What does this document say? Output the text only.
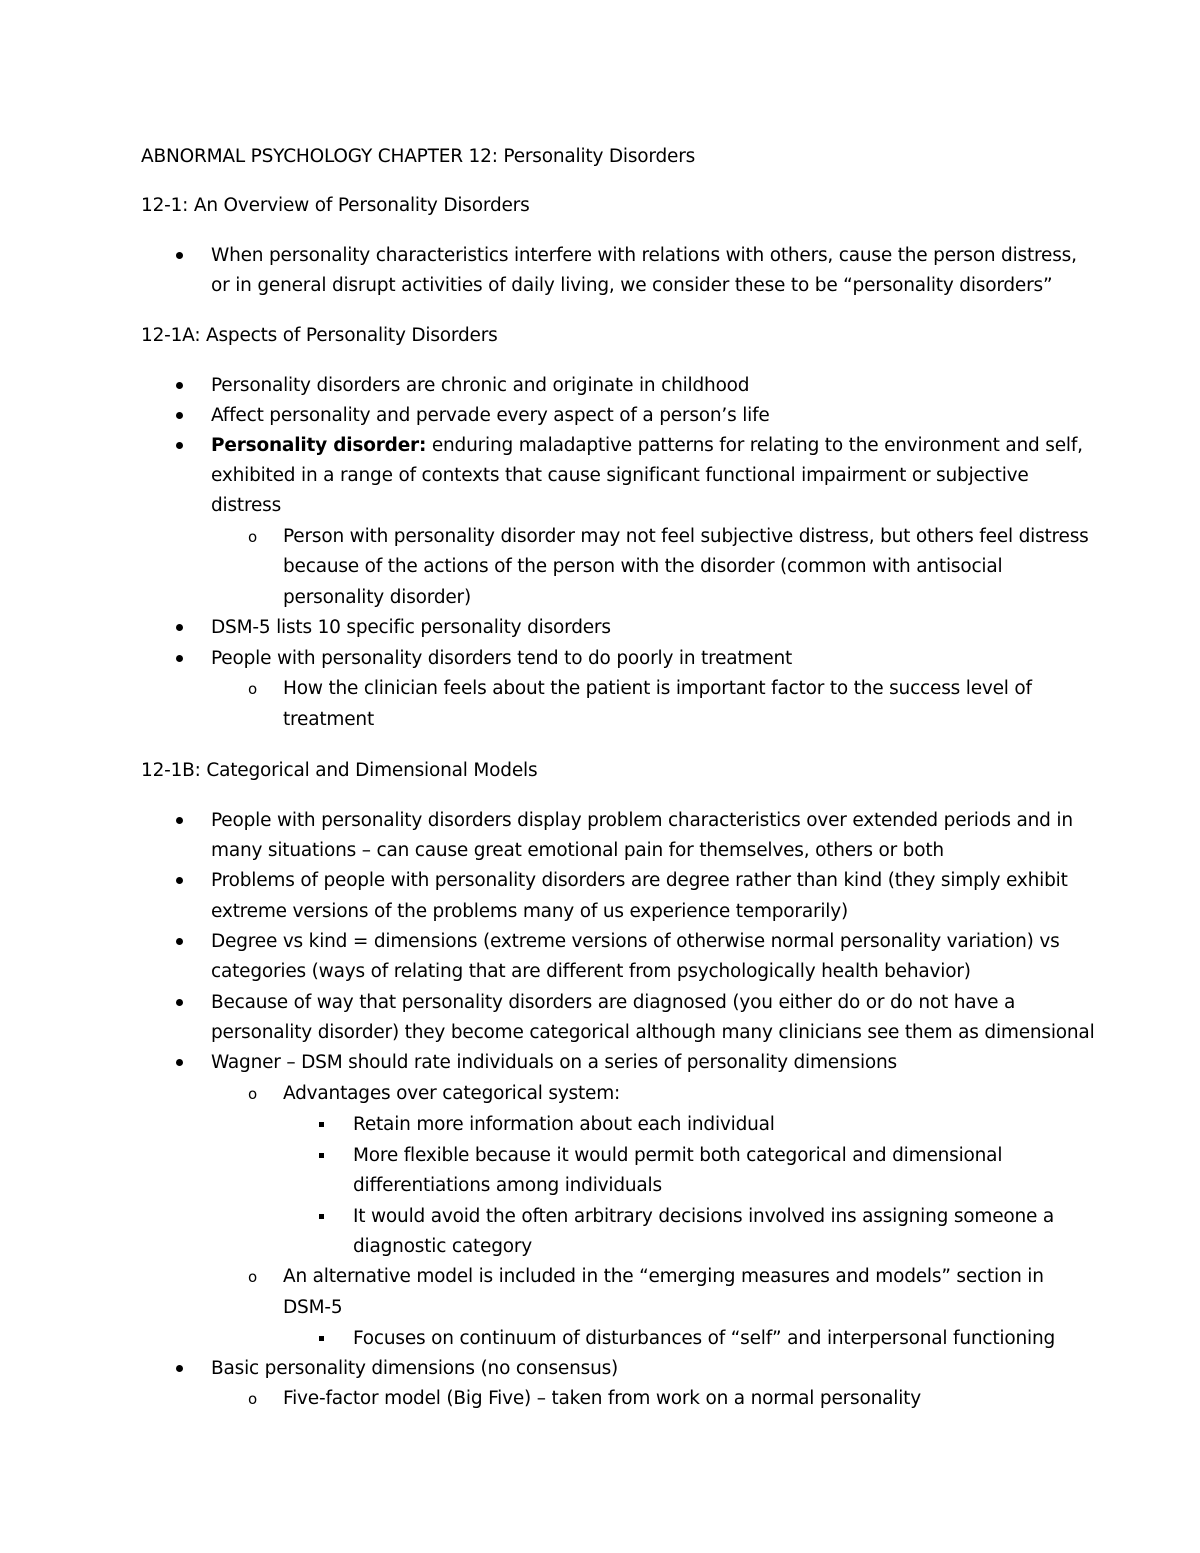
ABNORMAL PSYCHOLOGY CHAPTER 12: Personality Disorders
12-1: An Overview of Personality Disorders
When personality characteristics interfere with relations with others, cause the person distress,
or in general disrupt activities of daily living, we consider these to be “personality disorders”
12-1A: Aspects of Personality Disorders
Personality disorders are chronic and originate in childhood
Affect personality and pervade every aspect of a person’s life
Personality disorder: enduring maladaptive patterns for relating to the environment and self,
exhibited in a range of contexts that cause significant functional impairment or subjective
distress
o Person with personality disorder may not feel subjective distress, but others feel distress
because of the actions of the person with the disorder (common with antisocial
personality disorder)
DSM-5 lists 10 specific personality disorders
People with personality disorders tend to do poorly in treatment
o How the clinician feels about the patient is important factor to the success level of
treatment
12-1B: Categorical and Dimensional Models
People with personality disorders display problem characteristics over extended periods and in
many situations – can cause great emotional pain for themselves, others or both
Problems of people with personality disorders are degree rather than kind (they simply exhibit
extreme versions of the problems many of us experience temporarily)
Degree vs kind = dimensions (extreme versions of otherwise normal personality variation) vs
categories (ways of relating that are different from psychologically health behavior)
Because of way that personality disorders are diagnosed (you either do or do not have a
personality disorder) they become categorical although many clinicians see them as dimensional
Wagner – DSM should rate individuals on a series of personality dimensions
o Advantages over categorical system:
Retain more information about each individual
More flexible because it would permit both categorical and dimensional
differentiations among individuals
It would avoid the often arbitrary decisions involved ins assigning someone a
diagnostic category
o An alternative model is included in the “emerging measures and models” section in
DSM-5
Focuses on continuum of disturbances of “self” and interpersonal functioning
Basic personality dimensions (no consensus)
o Five-factor model (Big Five) – taken from work on a normal personality
